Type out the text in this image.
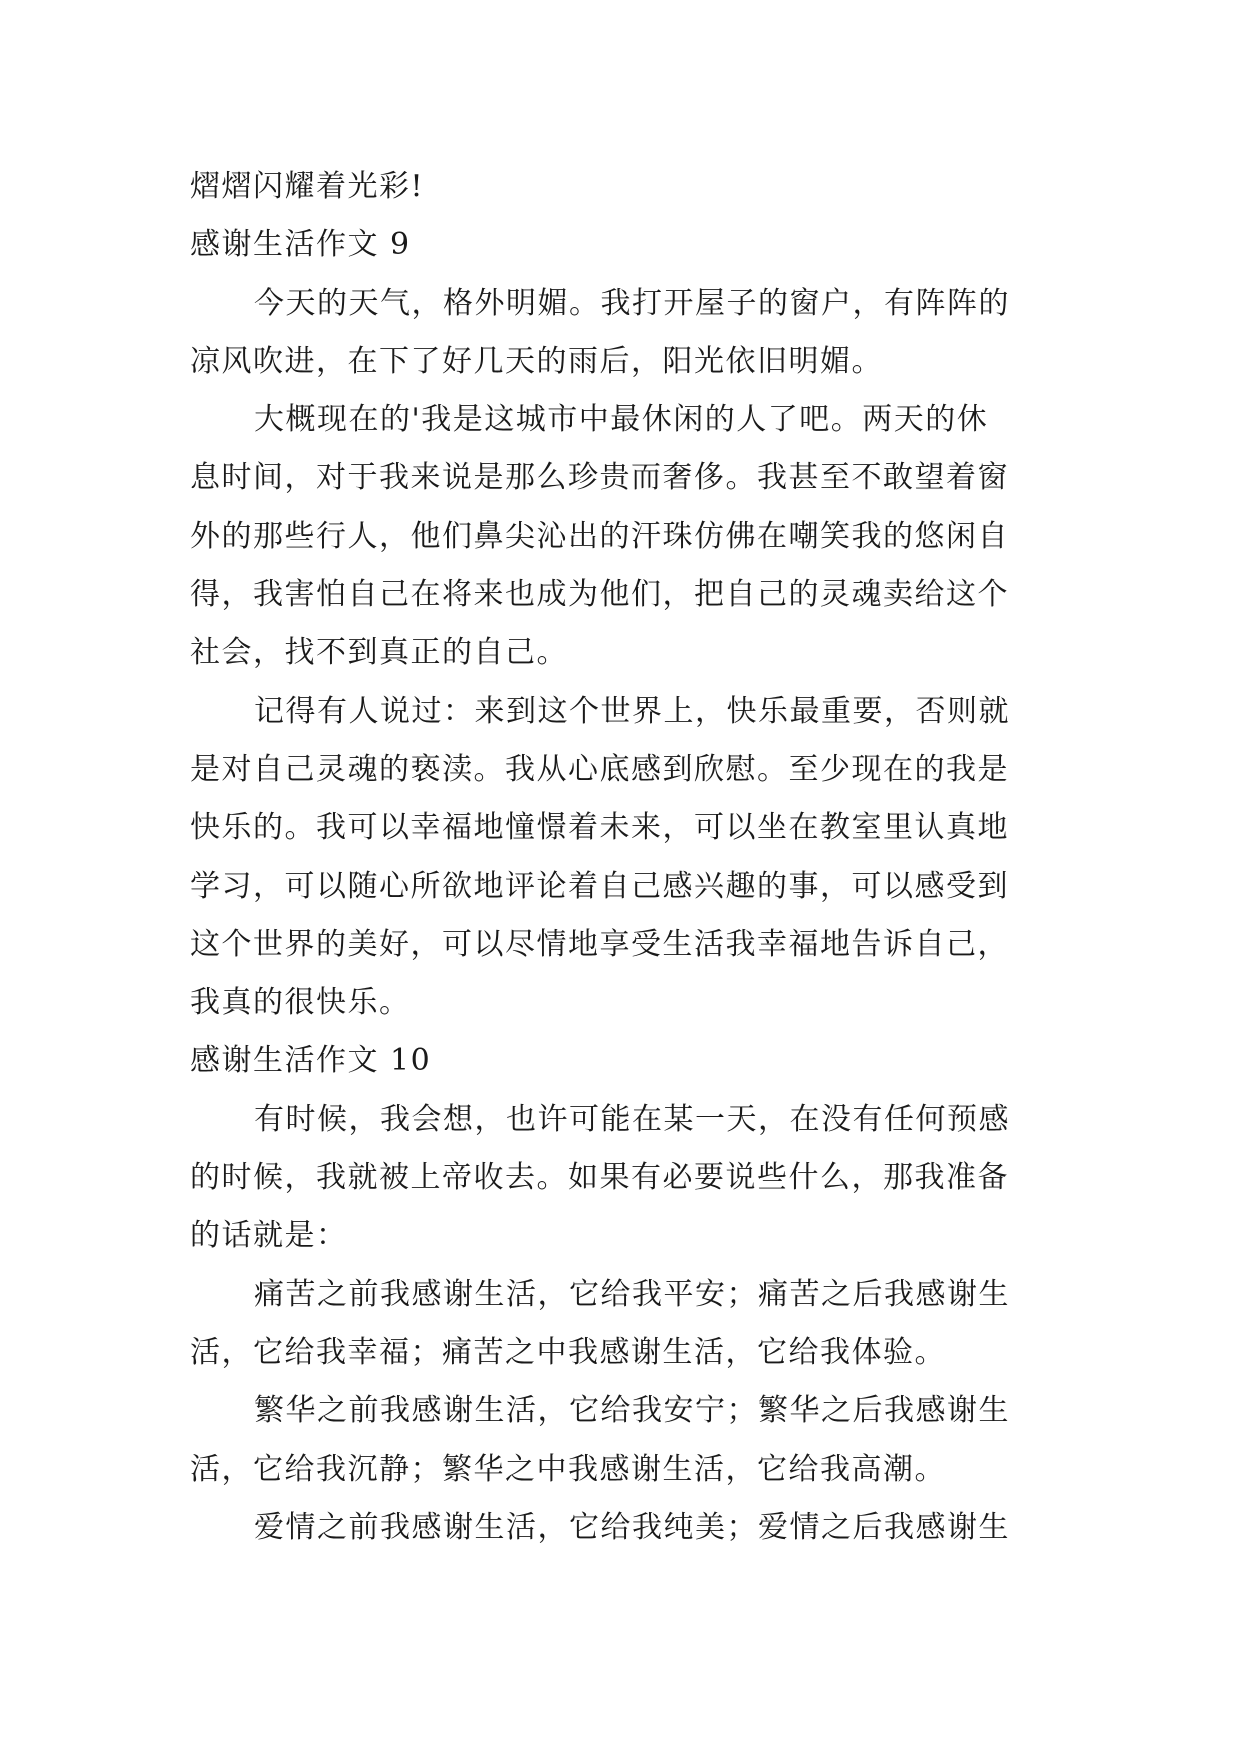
熠熠闪耀着光彩!

感谢生活作文 9

今天的天气，格外明媚。我打开屋子的窗户，有阵阵的

凉风吹进，在下了好几天的雨后，阳光依旧明媚。

大概现在的'我是这城市中最休闲的人了吧。两天的休

息时间，对于我来说是那么珍贵而奢侈。我甚至不敢望着窗

外的那些行人，他们鼻尖沁出的汗珠仿佛在嘲笑我的悠闲自

得，我害怕自己在将来也成为他们，把自己的灵魂卖给这个

社会，找不到真正的自己。

记得有人说过：来到这个世界上，快乐最重要，否则就

是对自己灵魂的亵渎。我从心底感到欣慰。至少现在的我是

快乐的。我可以幸福地憧憬着未来，可以坐在教室里认真地

学习，可以随心所欲地评论着自己感兴趣的事，可以感受到

这个世界的美好，可以尽情地享受生活我幸福地告诉自己，

我真的很快乐。

感谢生活作文 10

有时候，我会想，也许可能在某一天，在没有任何预感

的时候，我就被上帝收去。如果有必要说些什么，那我准备

的话就是：

痛苦之前我感谢生活，它给我平安；痛苦之后我感谢生

活，它给我幸福；痛苦之中我感谢生活，它给我体验。

繁华之前我感谢生活，它给我安宁；繁华之后我感谢生

活，它给我沉静；繁华之中我感谢生活，它给我高潮。

爱情之前我感谢生活，它给我纯美；爱情之后我感谢生
